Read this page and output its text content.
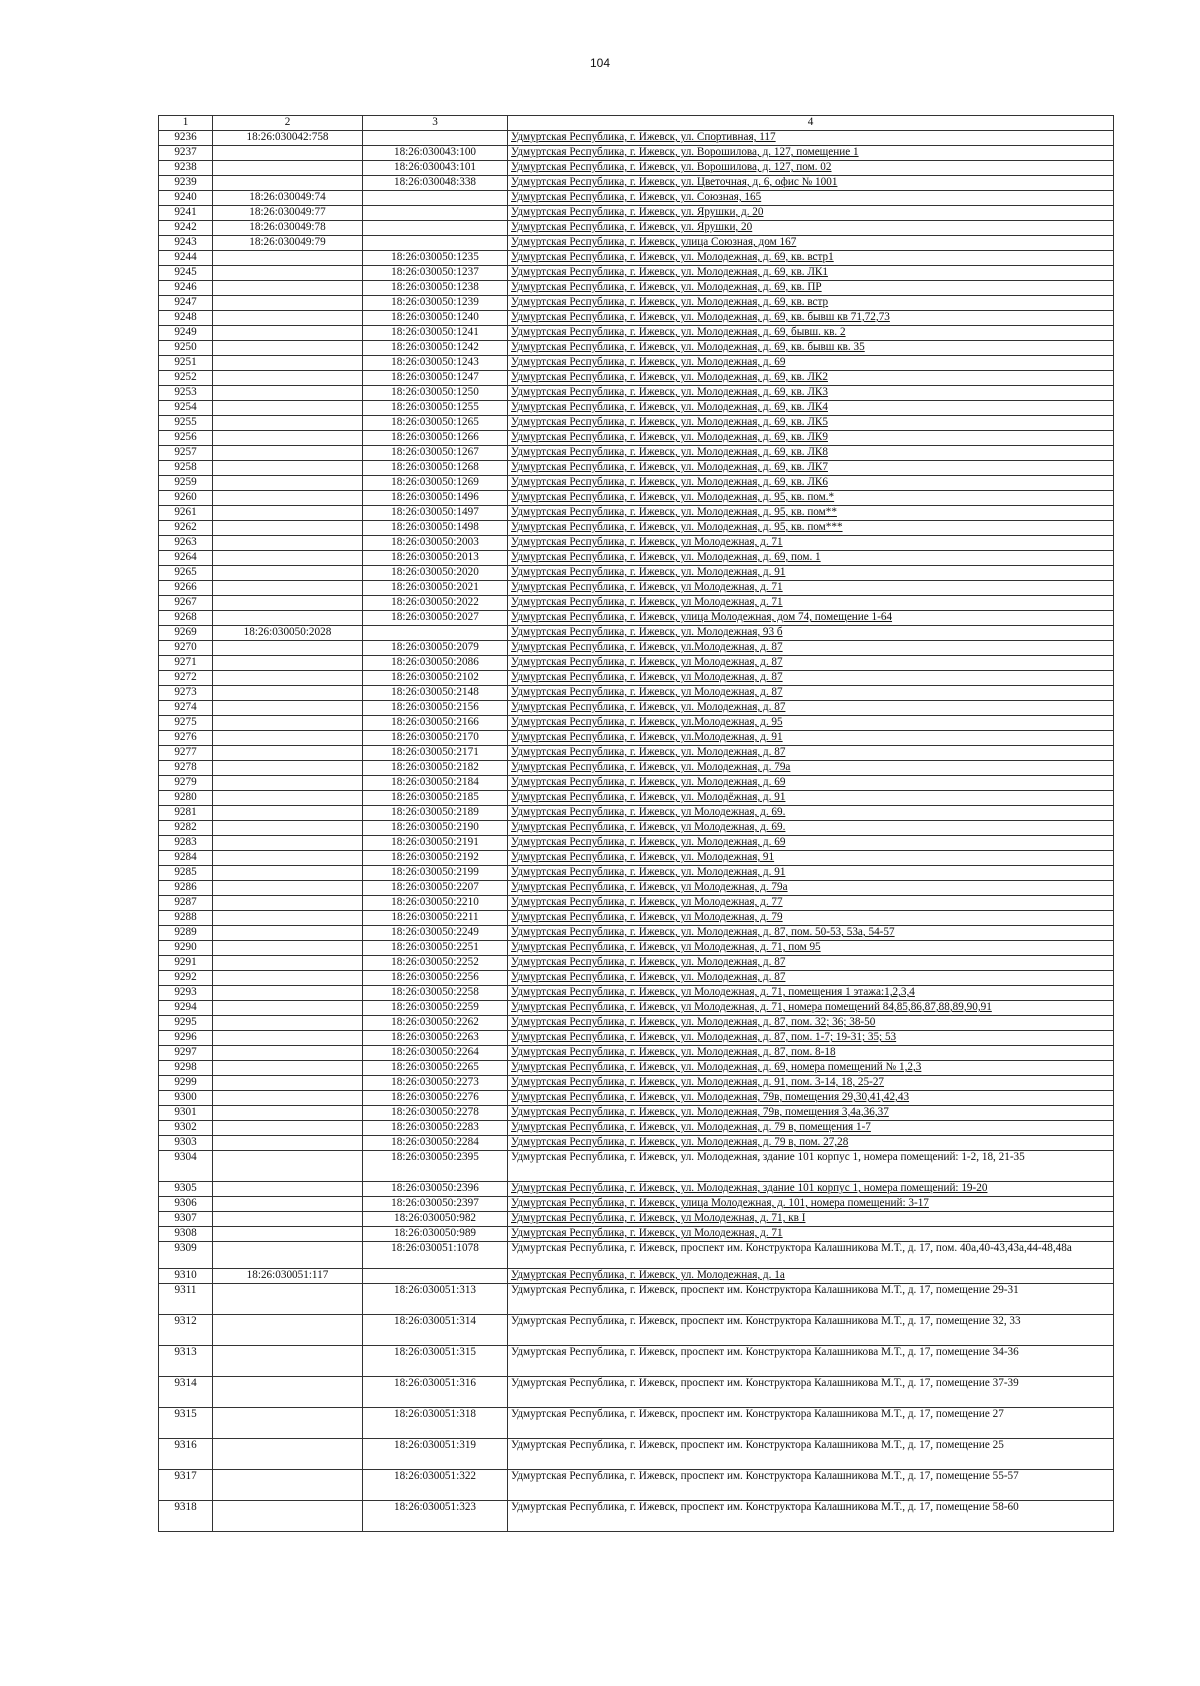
104
1	2	3	4
9236	18:26:030042:758		Удмуртская Республика, г. Ижевск, ул. Спортивная, 117
9237		18:26:030043:100	Удмуртская Республика, г. Ижевск, ул. Ворошилова, д. 127, помещение 1
9238		18:26:030043:101	Удмуртская Республика, г. Ижевск, ул. Ворошилова, д. 127, пом. 02
9239		18:26:030048:338	Удмуртская Республика, г. Ижевск, ул. Цветочная, д. 6, офис № 1001
9240	18:26:030049:74		Удмуртская Республика, г. Ижевск, ул. Союзная, 165
9241	18:26:030049:77		Удмуртская Республика, г. Ижевск, ул. Ярушки, д. 20
9242	18:26:030049:78		Удмуртская Республика, г. Ижевск, ул. Ярушки, 20
9243	18:26:030049:79		Удмуртская Республика, г. Ижевск, улица Союзная, дом 167
9244		18:26:030050:1235	Удмуртская Республика, г. Ижевск, ул. Молодежная, д. 69, кв. встр1
9245		18:26:030050:1237	Удмуртская Республика, г. Ижевск, ул. Молодежная, д. 69, кв. ЛК1
9246		18:26:030050:1238	Удмуртская Республика, г. Ижевск, ул. Молодежная, д. 69, кв. ПР
9247		18:26:030050:1239	Удмуртская Республика, г. Ижевск, ул. Молодежная, д. 69, кв. встр
9248		18:26:030050:1240	Удмуртская Республика, г. Ижевск, ул. Молодежная, д. 69, кв. бывш кв 71,72,73
9249		18:26:030050:1241	Удмуртская Республика, г. Ижевск, ул. Молодежная, д. 69, бывш. кв. 2
9250		18:26:030050:1242	Удмуртская Республика, г. Ижевск, ул. Молодежная, д. 69, кв. бывш кв. 35
9251		18:26:030050:1243	Удмуртская Республика, г. Ижевск, ул. Молодежная, д. 69
9252		18:26:030050:1247	Удмуртская Республика, г. Ижевск, ул. Молодежная, д. 69, кв. ЛК2
9253		18:26:030050:1250	Удмуртская Республика, г. Ижевск, ул. Молодежная, д. 69, кв. ЛК3
9254		18:26:030050:1255	Удмуртская Республика, г. Ижевск, ул. Молодежная, д. 69, кв. ЛК4
9255		18:26:030050:1265	Удмуртская Республика, г. Ижевск, ул. Молодежная, д. 69, кв. ЛК5
9256		18:26:030050:1266	Удмуртская Республика, г. Ижевск, ул. Молодежная, д. 69, кв. ЛК9
9257		18:26:030050:1267	Удмуртская Республика, г. Ижевск, ул. Молодежная, д. 69, кв. ЛК8
9258		18:26:030050:1268	Удмуртская Республика, г. Ижевск, ул. Молодежная, д. 69, кв. ЛК7
9259		18:26:030050:1269	Удмуртская Республика, г. Ижевск, ул. Молодежная, д. 69, кв. ЛК6
9260		18:26:030050:1496	Удмуртская Республика, г. Ижевск, ул. Молодежная, д. 95, кв. пом.*
9261		18:26:030050:1497	Удмуртская Республика, г. Ижевск, ул. Молодежная, д. 95, кв. пом**
9262		18:26:030050:1498	Удмуртская Республика, г. Ижевск, ул. Молодежная, д. 95, кв. пом***
9263		18:26:030050:2003	Удмуртская Республика, г. Ижевск, ул Молодежная, д. 71
9264		18:26:030050:2013	Удмуртская Республика, г. Ижевск, ул. Молодежная, д. 69, пом. 1
9265		18:26:030050:2020	Удмуртская Республика, г. Ижевск, ул. Молодежная, д. 91
9266		18:26:030050:2021	Удмуртская Республика, г. Ижевск, ул Молодежная, д. 71
9267		18:26:030050:2022	Удмуртская Республика, г. Ижевск, ул Молодежная, д. 71
9268		18:26:030050:2027	Удмуртская Республика, г. Ижевск, улица Молодежная, дом 74, помещение 1-64
9269	18:26:030050:2028		Удмуртская Республика, г. Ижевск, ул. Молодежная, 93 б
9270		18:26:030050:2079	Удмуртская Республика, г. Ижевск, ул.Молодежная, д. 87
9271		18:26:030050:2086	Удмуртская Республика, г. Ижевск, ул Молодежная, д. 87
9272		18:26:030050:2102	Удмуртская Республика, г. Ижевск, ул Молодежная, д. 87
9273		18:26:030050:2148	Удмуртская Республика, г. Ижевск, ул Молодежная, д. 87
9274		18:26:030050:2156	Удмуртская Республика, г. Ижевск, ул. Молодежная, д. 87
9275		18:26:030050:2166	Удмуртская Республика, г. Ижевск, ул.Молодежная, д. 95
9276		18:26:030050:2170	Удмуртская Республика, г. Ижевск, ул.Молодежная, д. 91
9277		18:26:030050:2171	Удмуртская Республика, г. Ижевск, ул. Молодежная, д. 87
9278		18:26:030050:2182	Удмуртская Республика, г. Ижевск, ул. Молодежная, д. 79а
9279		18:26:030050:2184	Удмуртская Республика, г. Ижевск, ул. Молодежная, д. 69
9280		18:26:030050:2185	Удмуртская Республика, г. Ижевск, ул. Молодёжная, д. 91
9281		18:26:030050:2189	Удмуртская Республика, г. Ижевск, ул Молодежная, д. 69.
9282		18:26:030050:2190	Удмуртская Республика, г. Ижевск, ул Молодежная, д. 69.
9283		18:26:030050:2191	Удмуртская Республика, г. Ижевск, ул. Молодежная, д. 69
9284		18:26:030050:2192	Удмуртская Республика, г. Ижевск, ул. Молодежная, 91
9285		18:26:030050:2199	Удмуртская Республика, г. Ижевск, ул. Молодежная, д. 91
9286		18:26:030050:2207	Удмуртская Республика, г. Ижевск, ул Молодежная, д. 79а
9287		18:26:030050:2210	Удмуртская Республика, г. Ижевск, ул Молодежная, д. 77
9288		18:26:030050:2211	Удмуртская Республика, г. Ижевск, ул Молодежная, д. 79
9289		18:26:030050:2249	Удмуртская Республика, г. Ижевск, ул. Молодежная, д. 87, пом. 50-53, 53а, 54-57
9290		18:26:030050:2251	Удмуртская Республика, г. Ижевск, ул Молодежная, д. 71, пом 95
9291		18:26:030050:2252	Удмуртская Республика, г. Ижевск, ул. Молодежная, д. 87
9292		18:26:030050:2256	Удмуртская Республика, г. Ижевск, ул. Молодежная, д. 87
9293		18:26:030050:2258	Удмуртская Республика, г. Ижевск, ул Молодежная, д. 71, помещения 1 этажа:1,2,3,4
9294		18:26:030050:2259	Удмуртская Республика, г. Ижевск, ул Молодежная, д. 71, номера помещений 84,85,86,87,88,89,90,91
9295		18:26:030050:2262	Удмуртская Республика, г. Ижевск, ул. Молодежная, д. 87, пом. 32; 36; 38-50
9296		18:26:030050:2263	Удмуртская Республика, г. Ижевск, ул. Молодежная, д. 87, пом. 1-7; 19-31; 35; 53
9297		18:26:030050:2264	Удмуртская Республика, г. Ижевск, ул. Молодежная, д. 87, пом. 8-18
9298		18:26:030050:2265	Удмуртская Республика, г. Ижевск, ул. Молодежная, д. 69, номера помещений № 1,2,3
9299		18:26:030050:2273	Удмуртская Республика, г. Ижевск, ул. Молодежная, д. 91, пом. 3-14, 18, 25-27
9300		18:26:030050:2276	Удмуртская Республика, г. Ижевск, ул. Молодежная, 79в, помещения 29,30,41,42,43
9301		18:26:030050:2278	Удмуртская Республика, г. Ижевск, ул. Молодежная, 79в, помещения 3,4а,36,37
9302		18:26:030050:2283	Удмуртская Республика, г. Ижевск, ул. Молодежная, д. 79 в, помещения 1-7
9303		18:26:030050:2284	Удмуртская Республика, г. Ижевск, ул. Молодежная, д. 79 в, пом. 27,28
9304		18:26:030050:2395	Удмуртская Республика, г. Ижевск, ул. Молодежная, здание 101 корпус 1, номера помещений: 1-2, 18, 21-35
9305		18:26:030050:2396	Удмуртская Республика, г. Ижевск, ул. Молодежная, здание 101 корпус 1, номера помещений: 19-20
9306		18:26:030050:2397	Удмуртская Республика, г. Ижевск, улица Молодежная, д. 101, номера помещений: 3-17
9307		18:26:030050:982	Удмуртская Республика, г. Ижевск, ул Молодежная, д. 71, кв I
9308		18:26:030050:989	Удмуртская Республика, г. Ижевск, ул Молодежная, д. 71
9309		18:26:030051:1078	Удмуртская Республика, г. Ижевск, проспект им. Конструктора Калашникова М.Т., д. 17, пом. 40а,40-43,43а,44-48,48а
9310	18:26:030051:117		Удмуртская Республика, г. Ижевск, ул. Молодежная, д. 1а
9311		18:26:030051:313	Удмуртская Республика, г. Ижевск, проспект им. Конструктора Калашникова М.Т., д. 17, помещение 29-31
9312		18:26:030051:314	Удмуртская Республика, г. Ижевск, проспект им. Конструктора Калашникова М.Т., д. 17, помещение 32, 33
9313		18:26:030051:315	Удмуртская Республика, г. Ижевск, проспект им. Конструктора Калашникова М.Т., д. 17, помещение 34-36
9314		18:26:030051:316	Удмуртская Республика, г. Ижевск, проспект им. Конструктора Калашникова М.Т., д. 17, помещение 37-39
9315		18:26:030051:318	Удмуртская Республика, г. Ижевск, проспект им. Конструктора Калашникова М.Т., д. 17, помещение 27
9316		18:26:030051:319	Удмуртская Республика, г. Ижевск, проспект им. Конструктора Калашникова М.Т., д. 17, помещение 25
9317		18:26:030051:322	Удмуртская Республика, г. Ижевск, проспект им. Конструктора Калашникова М.Т., д. 17, помещение 55-57
9318		18:26:030051:323	Удмуртская Республика, г. Ижевск, проспект им. Конструктора Калашникова М.Т., д. 17, помещение 58-60
